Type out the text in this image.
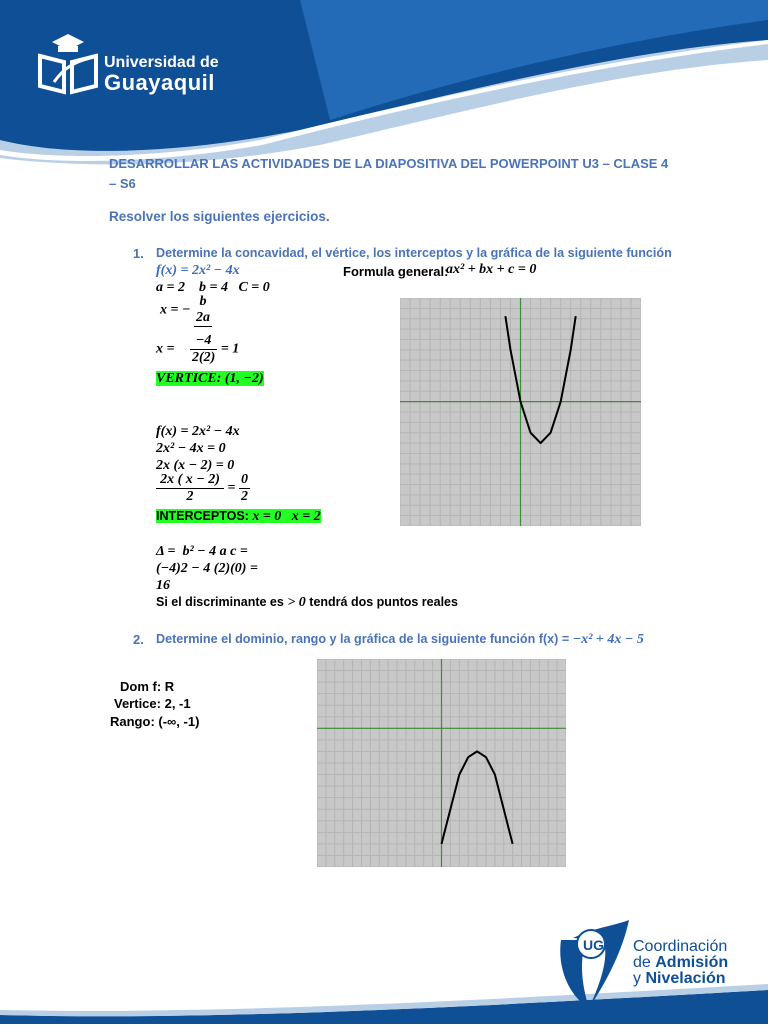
Universidad de
Guayaquil
DESARROLLAR LAS ACTIVIDADES DE LA DIAPOSITIVA DEL POWERPOINT U3 – CLASE 4
– S6
Resolver los siguientes ejercicios.
1. Determine la concavidad, el vértice, los interceptos y la gráfica de la siguiente función
f(x) = 2x² − 4x	Formula general:
ax² + bx + c = 0
a = 2    b = 4   C = 0
x = −
b
2a
$x = \frac{-4}{2(2)} = 1$
VERTICE: (1, −2)
f(x) = 2x² − 4x
2x² − 4x = 0
2x (x − 2) = 0
$\frac{2x ( x - 2)}{2} = \frac{0}{2}$
INTERCEPTOS: x = 0   x = 2
Δ =  b² − 4 a c =
(−4)2 − 4 (2)(0) =
16
Si el discriminante es > 0 tendrá dos puntos reales
2. Determine el dominio, rango y la gráfica de la siguiente función f(x) = −x² + 4x − 5
Dom f: R
Vertice: 2, -1
Rango: (-∞, -1)
UG Coordinación
de Admisión
y Nivelación
